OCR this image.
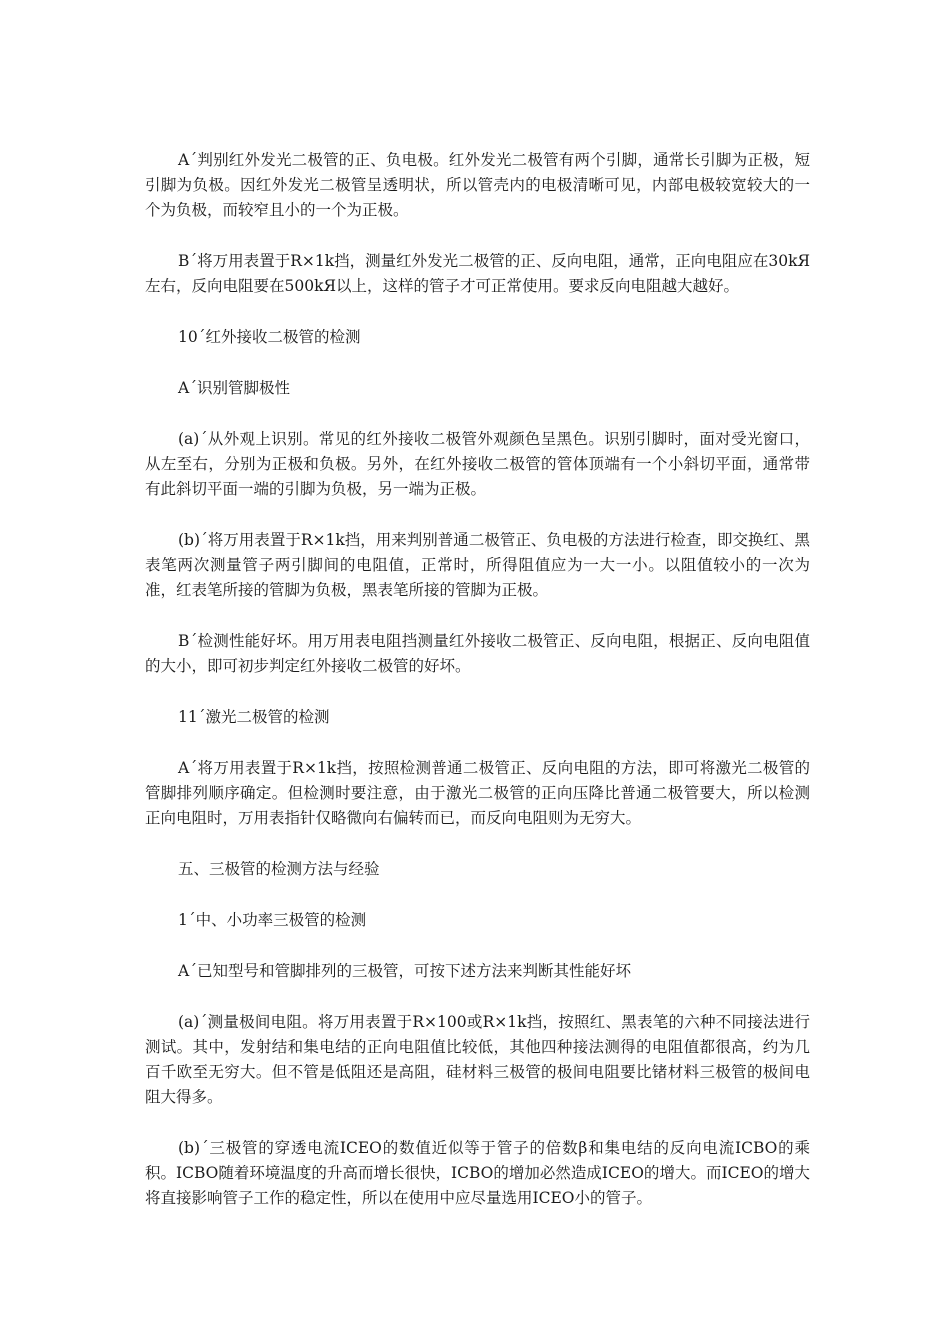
Aˊ判别红外发光二极管的正、负电极。红外发光二极管有两个引脚，通常长引脚为正极，短引脚为负极。因红外发光二极管呈透明状，所以管壳内的电极清晰可见，内部电极较宽较大的一个为负极，而较窄且小的一个为正极。

Bˊ将万用表置于R×1k挡，测量红外发光二极管的正、反向电阻，通常，正向电阻应在30kЯ左右，反向电阻要在500kЯ以上，这样的管子才可正常使用。要求反向电阻越大越好。

10ˊ红外接收二极管的检测

Aˊ识别管脚极性

(a)ˊ从外观上识别。常见的红外接收二极管外观颜色呈黑色。识别引脚时，面对受光窗口，从左至右，分别为正极和负极。另外，在红外接收二极管的管体顶端有一个小斜切平面，通常带有此斜切平面一端的引脚为负极，另一端为正极。

(b)ˊ将万用表置于R×1k挡，用来判别普通二极管正、负电极的方法进行检查，即交换红、黑表笔两次测量管子两引脚间的电阻值，正常时，所得阻值应为一大一小。以阻值较小的一次为准，红表笔所接的管脚为负极，黑表笔所接的管脚为正极。

Bˊ检测性能好坏。用万用表电阻挡测量红外接收二极管正、反向电阻，根据正、反向电阻值的大小，即可初步判定红外接收二极管的好坏。

11ˊ激光二极管的检测

Aˊ将万用表置于R×1k挡，按照检测普通二极管正、反向电阻的方法，即可将激光二极管的管脚排列顺序确定。但检测时要注意，由于激光二极管的正向压降比普通二极管要大，所以检测正向电阻时，万用表指针仅略微向右偏转而已，而反向电阻则为无穷大。

五、三极管的检测方法与经验

1ˊ中、小功率三极管的检测

Aˊ已知型号和管脚排列的三极管，可按下述方法来判断其性能好坏

(a)ˊ测量极间电阻。将万用表置于R×100或R×1k挡，按照红、黑表笔的六种不同接法进行测试。其中，发射结和集电结的正向电阻值比较低，其他四种接法测得的电阻值都很高，约为几百千欧至无穷大。但不管是低阻还是高阻，硅材料三极管的极间电阻要比锗材料三极管的极间电阻大得多。

(b)ˊ三极管的穿透电流ICEO的数值近似等于管子的倍数β和集电结的反向电流ICBO的乘积。ICBO随着环境温度的升高而增长很快，ICBO的增加必然造成ICEO的增大。而ICEO的增大将直接影响管子工作的稳定性，所以在使用中应尽量选用ICEO小的管子。
